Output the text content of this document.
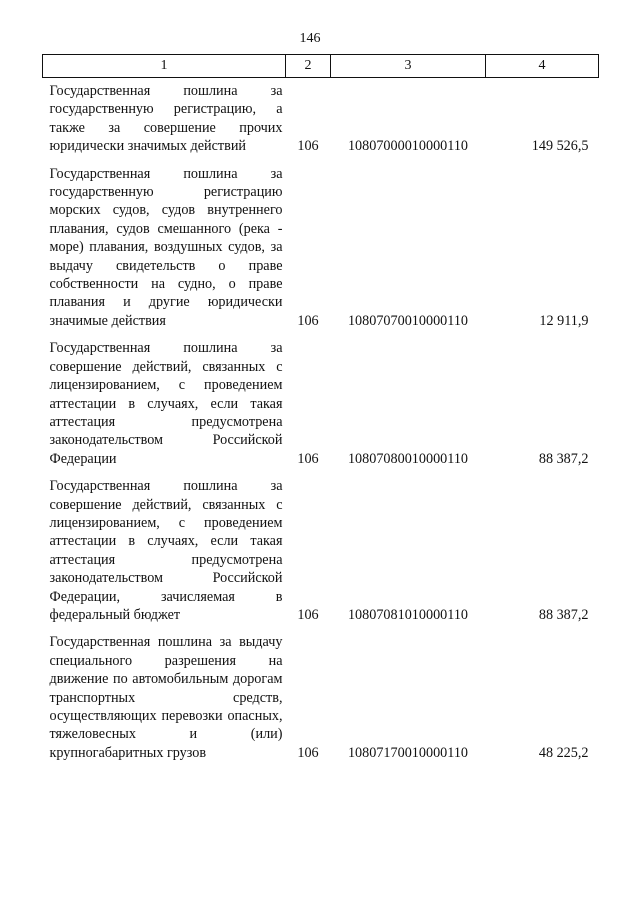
146
1	2	3	4

Государственная пошлина за государственную регистрацию, а также за совершение прочих юридически значимых действий	106	10807000010000110	149 526,5

Государственная пошлина за государственную регистрацию морских судов, судов внутреннего плавания, судов смешанного (река - море) плавания, воздушных судов, за выдачу свидетельств о праве собственности на судно, о праве плавания и другие юридически значимые действия	106	10807070010000110	12 911,9

Государственная пошлина за совершение действий, связанных с лицензированием, с проведением аттестации в случаях, если такая аттестация предусмотрена законодательством Российской Федерации	106	10807080010000110	88 387,2

Государственная пошлина за совершение действий, связанных с лицензированием, с проведением аттестации в случаях, если такая аттестация предусмотрена законодательством Российской Федерации, зачисляемая в федеральный бюджет	106	10807081010000110	88 387,2

Государственная пошлина за выдачу специального разрешения на движение по автомобильным дорогам транспортных средств, осуществляющих перевозки опасных, тяжеловесных и (или) крупногабаритных грузов	106	10807170010000110	48 225,2
